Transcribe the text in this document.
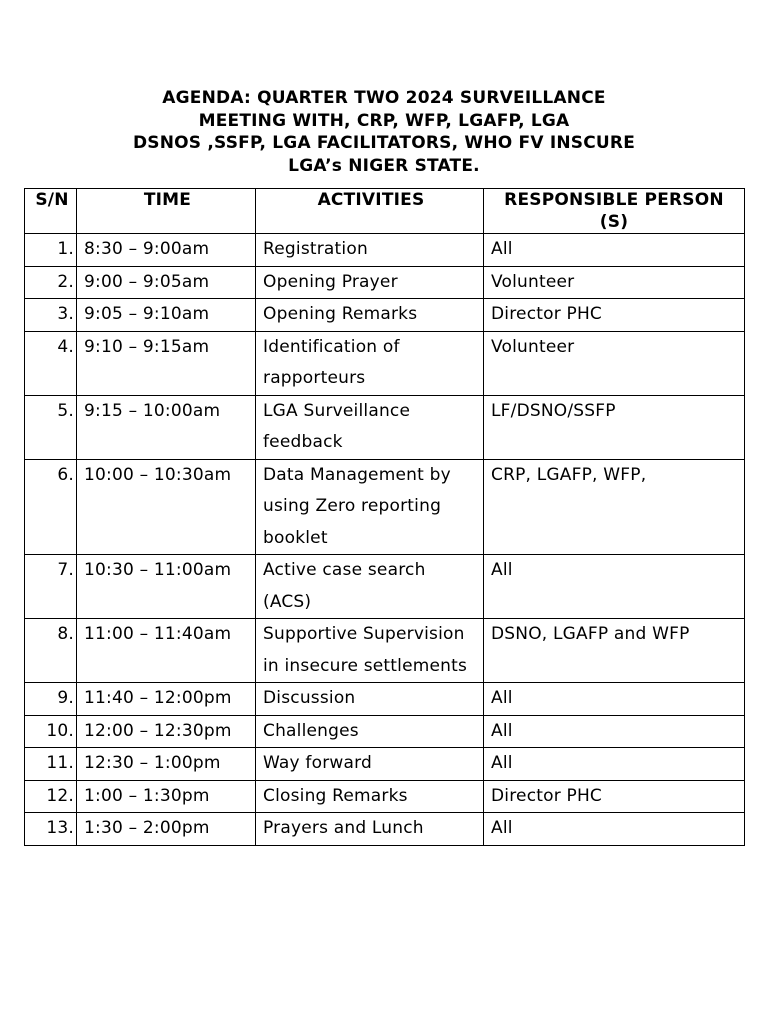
AGENDA: QUARTER TWO 2024 SURVEILLANCE
MEETING WITH, CRP, WFP, LGAFP, LGA
DSNOS ,SSFP, LGA FACILITATORS, WHO FV INSCURE
LGA’s NIGER STATE.
S/N	TIME	ACTIVITIES	RESPONSIBLE PERSON (S)
1.	8:30 – 9:00am	Registration	All
2.	9:00 – 9:05am	Opening Prayer	Volunteer
3.	9:05 – 9:10am	Opening Remarks	Director PHC
4.	9:10 – 9:15am	Identification of rapporteurs	Volunteer
5.	9:15 – 10:00am	LGA Surveillance feedback	LF/DSNO/SSFP
6.	10:00 – 10:30am	Data Management by using Zero reporting booklet	CRP, LGAFP, WFP,
7.	10:30 – 11:00am	Active case search (ACS)	All
8.	11:00 – 11:40am	Supportive Supervision in insecure settlements	DSNO, LGAFP and WFP
9.	11:40 – 12:00pm	Discussion	All
10.	12:00 – 12:30pm	Challenges	All
11.	12:30 – 1:00pm	Way forward	All
12.	1:00 – 1:30pm	Closing Remarks	Director PHC
13.	1:30 – 2:00pm	Prayers and Lunch	All
